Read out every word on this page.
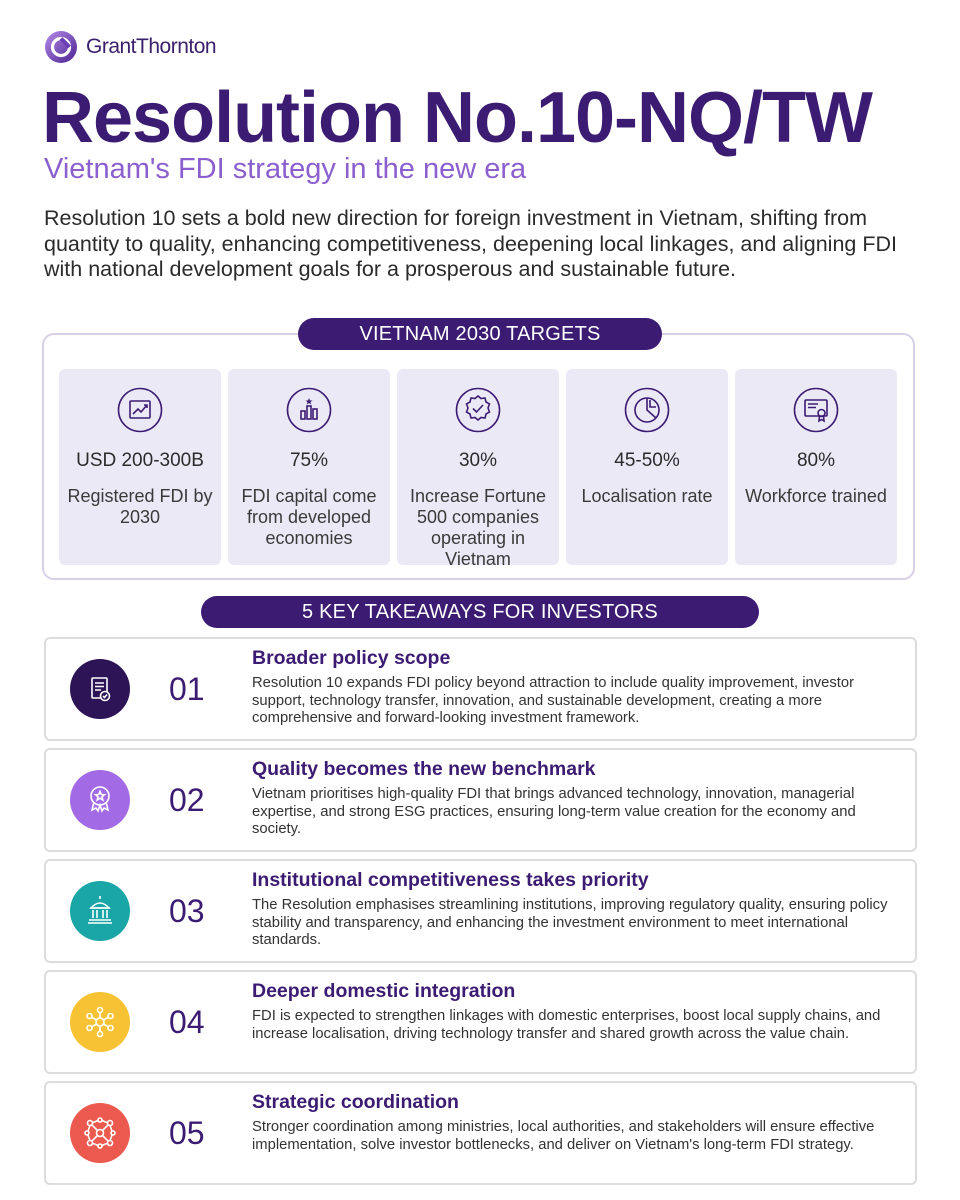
GrantThornton
Resolution No.10-NQ/TW
Vietnam's FDI strategy in the new era

Resolution 10 sets a bold new direction for foreign investment in Vietnam, shifting from quantity to quality, enhancing competitiveness, deepening local linkages, and aligning FDI with national development goals for a prosperous and sustainable future.

VIETNAM 2030 TARGETS
USD 200-300B
Registered FDI by 2030
75%
FDI capital come from developed economies
30%
Increase Fortune 500 companies operating in Vietnam
45-50%
Localisation rate
80%
Workforce trained
5 KEY TAKEAWAYS FOR INVESTORS
01
Broader policy scope
Resolution 10 expands FDI policy beyond attraction to include quality improvement, investor support, technology transfer, innovation, and sustainable development, creating a more comprehensive and forward-looking investment framework.
02
Quality becomes the new benchmark
Vietnam prioritises high-quality FDI that brings advanced technology, innovation, managerial expertise, and strong ESG practices, ensuring long-term value creation for the economy and society.
03
Institutional competitiveness takes priority
The Resolution emphasises streamlining institutions, improving regulatory quality, ensuring policy stability and transparency, and enhancing the investment environment to meet international standards.
04
Deeper domestic integration
FDI is expected to strengthen linkages with domestic enterprises, boost local supply chains, and increase localisation, driving technology transfer and shared growth across the value chain.
05
Strategic coordination
Stronger coordination among ministries, local authorities, and stakeholders will ensure effective implementation, solve investor bottlenecks, and deliver on Vietnam's long-term FDI strategy.
